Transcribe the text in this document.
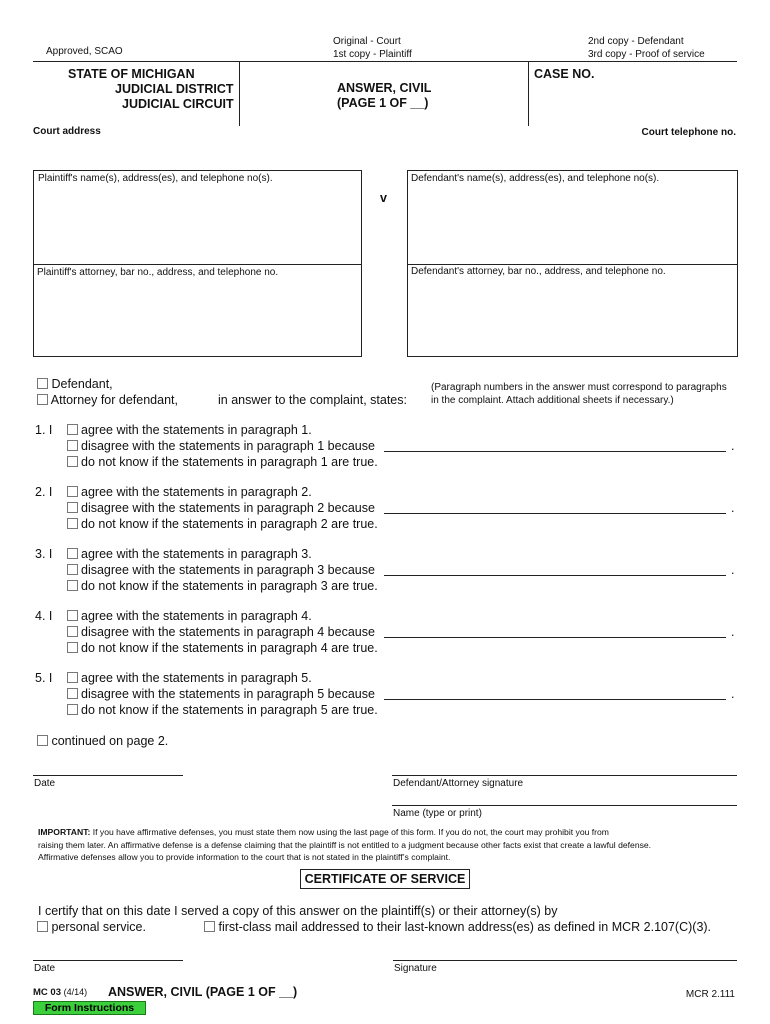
Approved, SCAO
Original - Court
1st copy - Plaintiff
2nd copy - Defendant
3rd copy - Proof of service
STATE OF MICHIGAN
JUDICIAL DISTRICT
JUDICIAL CIRCUIT
ANSWER, CIVIL
(PAGE 1 OF __)
CASE NO.
Court address	Court telephone no.
Plaintiff's name(s), address(es), and telephone no(s).
Plaintiff's attorney, bar no., address, and telephone no.
v
Defendant's name(s), address(es), and telephone no(s).
Defendant's attorney, bar no., address, and telephone no.
Defendant,
Attorney for defendant,	in answer to the complaint, states:
(Paragraph numbers in the answer must correspond to paragraphs
in the complaint. Attach additional sheets if necessary.)
1. I	agree with the statements in paragraph 1.
disagree with the statements in paragraph 1 because	.
do not know if the statements in paragraph 1 are true.
2. I	agree with the statements in paragraph 2.
disagree with the statements in paragraph 2 because	.
do not know if the statements in paragraph 2 are true.
3. I	agree with the statements in paragraph 3.
disagree with the statements in paragraph 3 because	.
do not know if the statements in paragraph 3 are true.
4. I	agree with the statements in paragraph 4.
disagree with the statements in paragraph 4 because	.
do not know if the statements in paragraph 4 are true.
5. I	agree with the statements in paragraph 5.
disagree with the statements in paragraph 5 because	.
do not know if the statements in paragraph 5 are true.
continued on page 2.
Date	Defendant/Attorney signature
Name (type or print)
IMPORTANT: If you have affirmative defenses, you must state them now using the last page of this form. If you do not, the court may prohibit you from
raising them later. An affirmative defense is a defense claiming that the plaintiff is not entitled to a judgment because other facts exist that create a lawful defense.
Affirmative defenses allow you to provide information to the court that is not stated in the plaintiff’s complaint.
CERTIFICATE OF SERVICE
I certify that on this date I served a copy of this answer on the plaintiff(s) or their attorney(s) by
personal service.	first-class mail addressed to their last-known address(es) as defined in MCR 2.107(C)(3).
Date	Signature
MC 03 (4/14) ANSWER, CIVIL (PAGE 1 OF __)	MCR 2.111
Form Instructions
